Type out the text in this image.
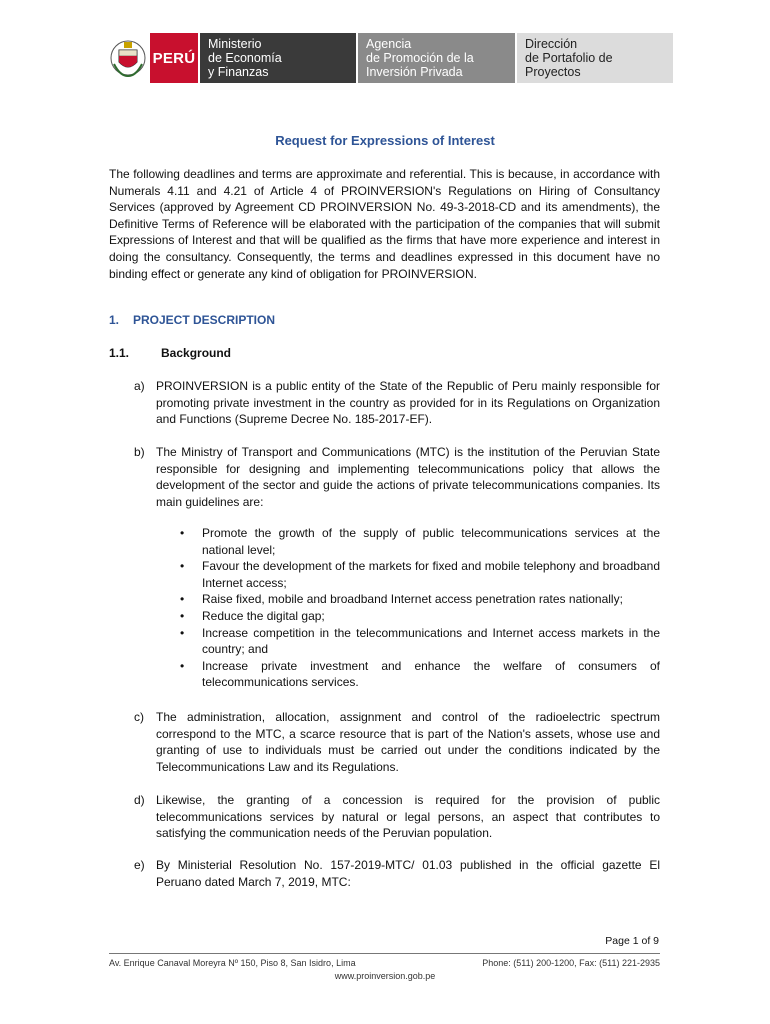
PERÚ
Ministerio
de Economía
y Finanzas
Agencia
de Promoción de la
Inversión Privada
Dirección
de Portafolio de
Proyectos
Request for Expressions of Interest
The following deadlines and terms are approximate and referential. This is because, in accordance with Numerals 4.11 and 4.21 of Article 4 of PROINVERSION's Regulations on Hiring of Consultancy Services (approved by Agreement CD PROINVERSION No. 49-3-2018-CD and its amendments), the Definitive Terms of Reference will be elaborated with the participation of the companies that will submit Expressions of Interest and that will be qualified as the firms that have more experience and interest in doing the consultancy. Consequently, the terms and deadlines expressed in this document have no binding effect or generate any kind of obligation for PROINVERSION.
1. PROJECT DESCRIPTION
1.1.	Background
a) PROINVERSION is a public entity of the State of the Republic of Peru mainly responsible for promoting private investment in the country as provided for in its Regulations on Organization and Functions (Supreme Decree No. 185-2017-EF).
b) The Ministry of Transport and Communications (MTC) is the institution of the Peruvian State responsible for designing and implementing telecommunications policy that allows the development of the sector and guide the actions of private telecommunications companies. Its main guidelines are:
• Promote the growth of the supply of public telecommunications services at the national level;
• Favour the development of the markets for fixed and mobile telephony and broadband Internet access;
• Raise fixed, mobile and broadband Internet access penetration rates nationally;
• Reduce the digital gap;
• Increase competition in the telecommunications and Internet access markets in the country; and
• Increase private investment and enhance the welfare of consumers of telecommunications services.
c) The administration, allocation, assignment and control of the radioelectric spectrum correspond to the MTC, a scarce resource that is part of the Nation's assets, whose use and granting of use to individuals must be carried out under the conditions indicated by the Telecommunications Law and its Regulations.
d) Likewise, the granting of a concession is required for the provision of public telecommunications services by natural or legal persons, an aspect that contributes to satisfying the communication needs of the Peruvian population.
e) By Ministerial Resolution No. 157-2019-MTC/ 01.03 published in the official gazette El Peruano dated March 7, 2019, MTC:
Page 1 of 9
Av. Enrique Canaval Moreyra Nº 150, Piso 8, San Isidro, Lima	Phone: (511) 200-1200, Fax: (511) 221-2935
www.proinversion.gob.pe
